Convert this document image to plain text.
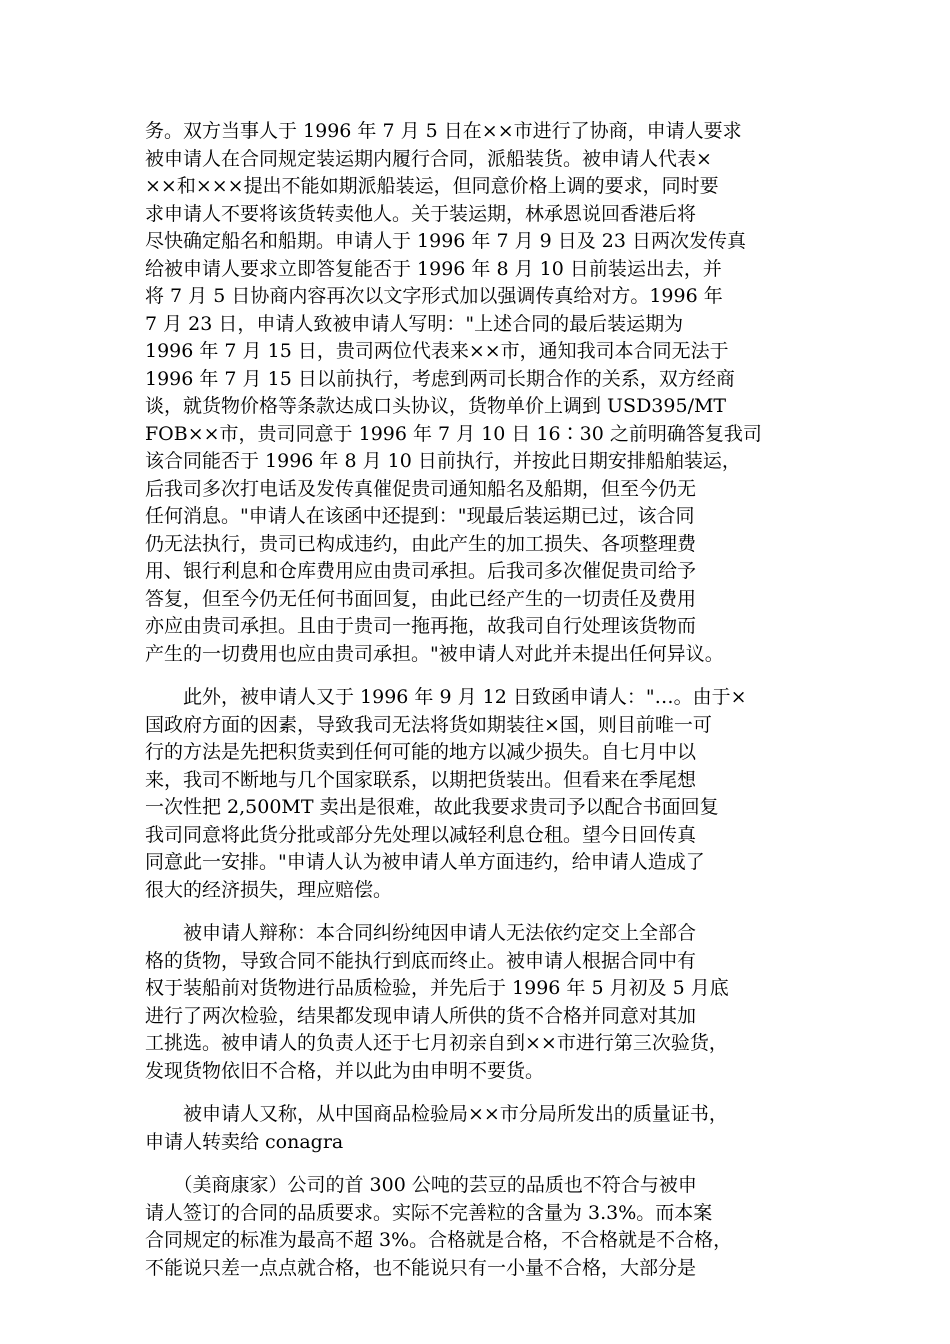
务。双方当事人于 1996 年 7 月 5 日在××市进行了协商，申请人要求
被申请人在合同规定装运期内履行合同，派船装货。被申请人代表×
××和×××提出不能如期派船装运，但同意价格上调的要求，同时要
求申请人不要将该货转卖他人。关于装运期，林承恩说回香港后将
尽快确定船名和船期。申请人于 1996 年 7 月 9 日及 23 日两次发传真
给被申请人要求立即答复能否于 1996 年 8 月 10 日前装运出去，并
将 7 月 5 日协商内容再次以文字形式加以强调传真给对方。1996 年
7 月 23 日，申请人致被申请人写明："上述合同的最后装运期为
1996 年 7 月 15 日，贵司两位代表来××市，通知我司本合同无法于
1996 年 7 月 15 日以前执行，考虑到两司长期合作的关系，双方经商
谈，就货物价格等条款达成口头协议，货物单价上调到 USD395/MT
FOB××市，贵司同意于 1996 年 7 月 10 日 16∶30 之前明确答复我司
该合同能否于 1996 年 8 月 10 日前执行，并按此日期安排船舶装运，
后我司多次打电话及发传真催促贵司通知船名及船期，但至今仍无
任何消息。"申请人在该函中还提到："现最后装运期已过，该合同
仍无法执行，贵司已构成违约，由此产生的加工损失、各项整理费
用、银行利息和仓库费用应由贵司承担。后我司多次催促贵司给予
答复，但至今仍无任何书面回复，由此已经产生的一切责任及费用
亦应由贵司承担。且由于贵司一拖再拖，故我司自行处理该货物而
产生的一切费用也应由贵司承担。"被申请人对此并未提出任何异议。
　　此外，被申请人又于 1996 年 9 月 12 日致函申请人："…。由于×
国政府方面的因素，导致我司无法将货如期装往×国，则目前唯一可
行的方法是先把积货卖到任何可能的地方以减少损失。自七月中以
来，我司不断地与几个国家联系，以期把货装出。但看来在季尾想
一次性把 2,500MT 卖出是很难，故此我要求贵司予以配合书面回复
我司同意将此货分批或部分先处理以减轻利息仓租。望今日回传真
同意此一安排。"申请人认为被申请人单方面违约，给申请人造成了
很大的经济损失，理应赔偿。
　　被申请人辩称：本合同纠纷纯因申请人无法依约定交上全部合
格的货物，导致合同不能执行到底而终止。被申请人根据合同中有
权于装船前对货物进行品质检验，并先后于 1996 年 5 月初及 5 月底
进行了两次检验，结果都发现申请人所供的货不合格并同意对其加
工挑选。被申请人的负责人还于七月初亲自到××市进行第三次验货，
发现货物依旧不合格，并以此为由申明不要货。
　　被申请人又称，从中国商品检验局××市分局所发出的质量证书，
申请人转卖给 conagra
　　（美商康家）公司的首 300 公吨的芸豆的品质也不符合与被申
请人签订的合同的品质要求。实际不完善粒的含量为 3.3%。而本案
合同规定的标准为最高不超 3%。合格就是合格，不合格就是不合格，
不能说只差一点点就合格，也不能说只有一小量不合格，大部分是
